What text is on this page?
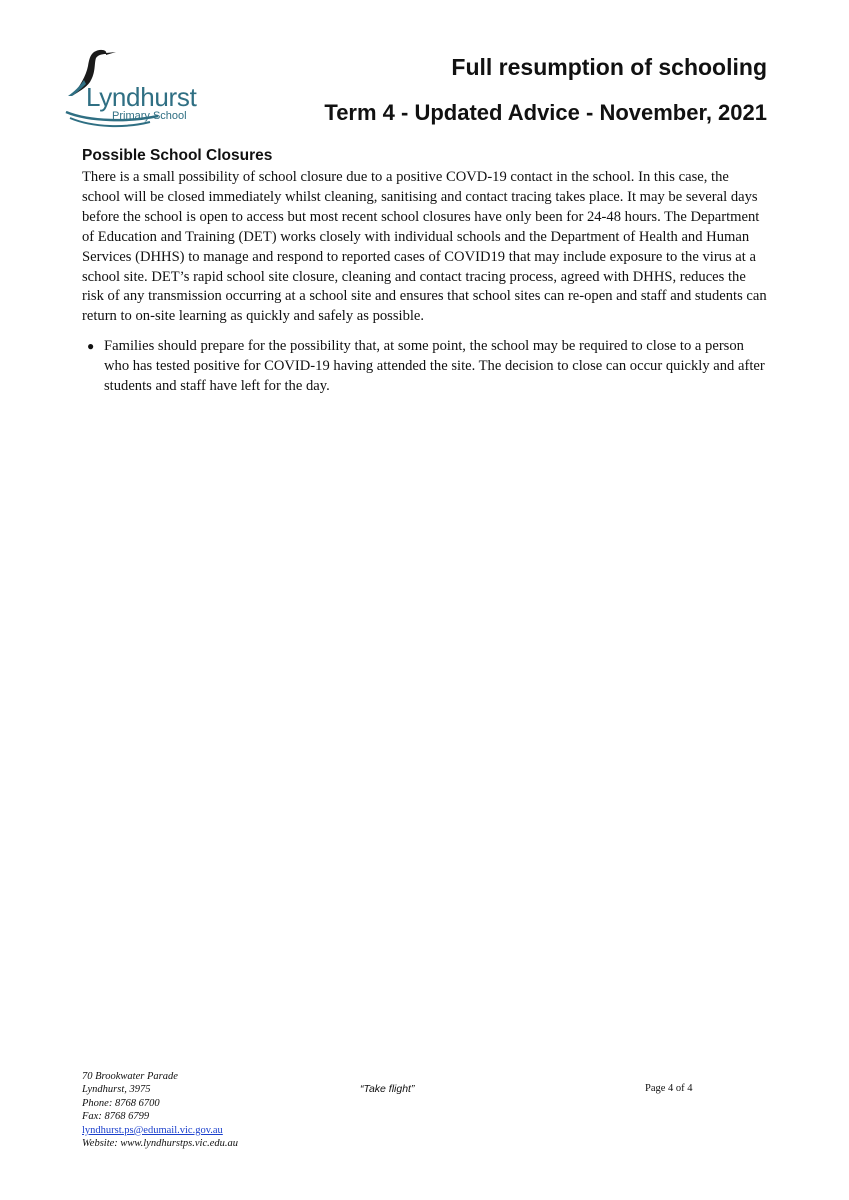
Lyndhurst
Primary School
Full resumption of schooling
Term 4 - Updated Advice - November, 2021
Possible School Closures

There is a small possibility of school closure due to a positive COVD-19 contact in the school. In this case, the school will be closed immediately whilst cleaning, sanitising and contact tracing takes place. It may be several days before the school is open to access but most recent school closures have only been for 24-48 hours. The Department of Education and Training (DET) works closely with individual schools and the Department of Health and Human Services (DHHS) to manage and respond to reported cases of COVID19 that may include exposure to the virus at a school site. DET’s rapid school site closure, cleaning and contact tracing process, agreed with DHHS, reduces the risk of any transmission occurring at a school site and ensures that school sites can re-open and staff and students can return to on-site learning as quickly and safely as possible.

● Families should prepare for the possibility that, at some point, the school may be required to close to a person who has tested positive for COVID-19 having attended the site. The decision to close can occur quickly and after students and staff have left for the day.
70 Brookwater Parade
Lyndhurst, 3975
Phone: 8768 6700
Fax: 8768 6799
lyndhurst.ps@edumail.vic.gov.au
Website: www.lyndhurstps.vic.edu.au
“Take flight”	Page 4 of 4
